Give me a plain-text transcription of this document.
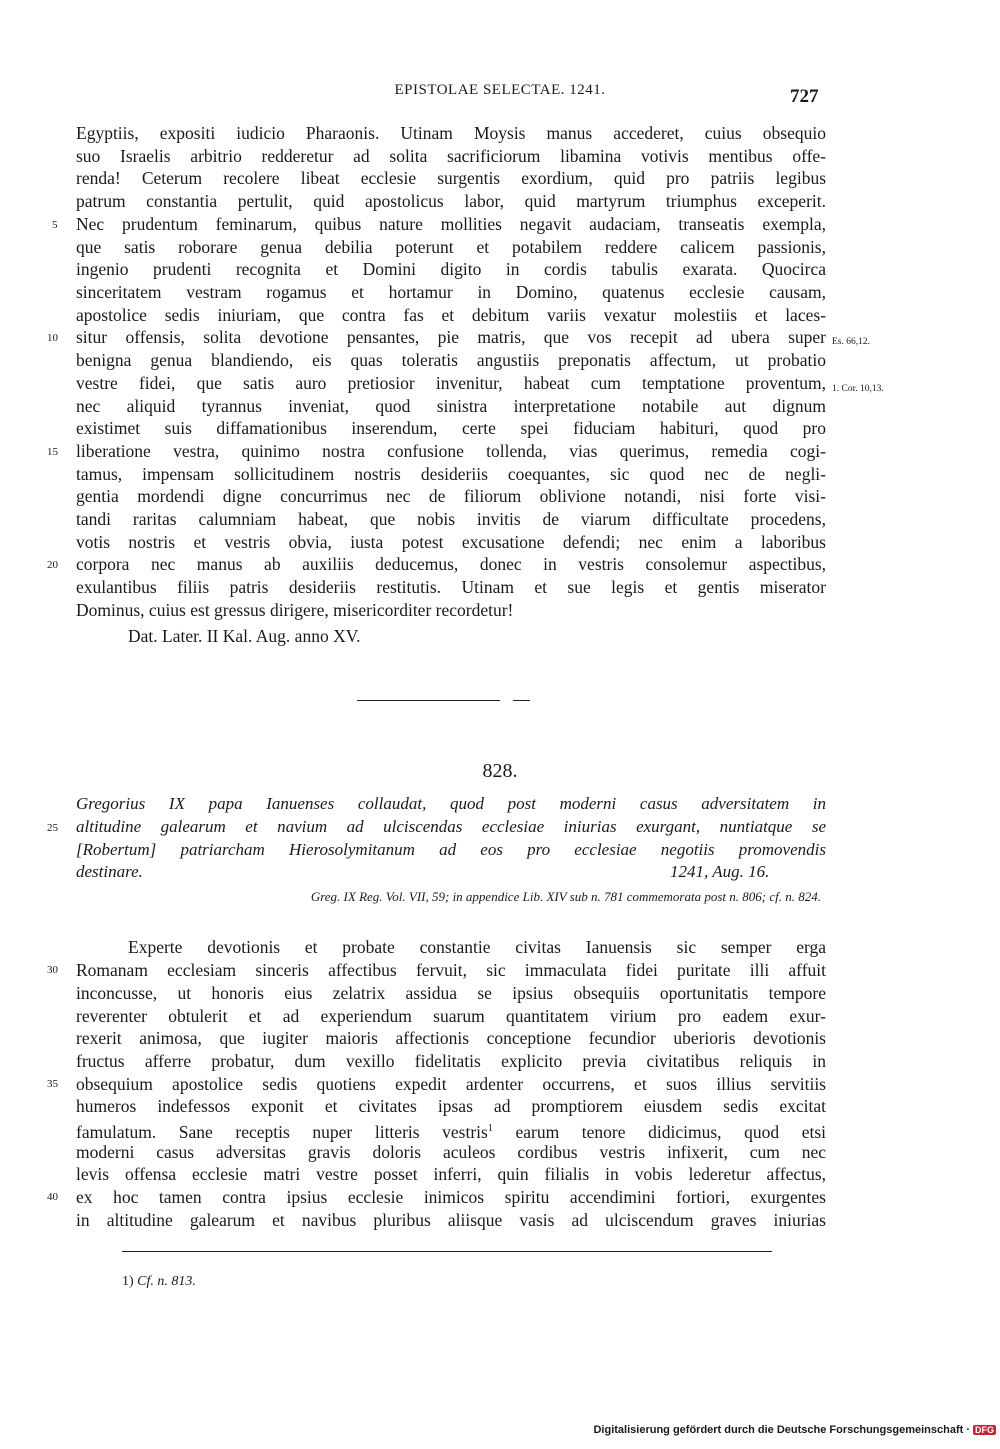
EPISTOLAE SELECTAE. 1241.	727
Egyptiis, expositi iudicio Pharaonis. Utinam Moysis manus accederet, cuius obsequio
suo Israelis arbitrio redderetur ad solita sacrificiorum libamina votivis mentibus offe-
renda! Ceterum recolere libeat ecclesie surgentis exordium, quid pro patriis legibus
patrum constantia pertulit, quid apostolicus labor, quid martyrum triumphus exceperit.
Nec prudentum feminarum, quibus nature mollities negavit audaciam, transeatis exempla,
que satis roborare genua debilia poterunt et potabilem reddere calicem passionis,
ingenio prudenti recognita et Domini digito in cordis tabulis exarata. Quocirca
sinceritatem vestram rogamus et hortamur in Domino, quatenus ecclesie causam,
apostolice sedis iniuriam, que contra fas et debitum variis vexatur molestiis et laces-
situr offensis, solita devotione pensantes, pie matris, que vos recepit ad ubera super
benigna genua blandiendo, eis quas toleratis angustiis preponatis affectum, ut probatio
vestre fidei, que satis auro pretiosior invenitur, habeat cum temptatione proventum,
nec aliquid tyrannus inveniat, quod sinistra interpretatione notabile aut dignum
existimet suis diffamationibus inserendum, certe spei fiduciam habituri, quod pro
liberatione vestra, quinimo nostra confusione tollenda, vias querimus, remedia cogi-
tamus, impensam sollicitudinem nostris desideriis coequantes, sic quod nec de negli-
gentia mordendi digne concurrimus nec de filiorum oblivione notandi, nisi forte visi-
tandi raritas calumniam habeat, que nobis invitis de viarum difficultate procedens,
votis nostris et vestris obvia, iusta potest excusatione defendi; nec enim a laboribus
corpora nec manus ab auxiliis deducemus, donec in vestris consolemur aspectibus,
exulantibus filiis patris desideriis restitutis. Utinam et sue legis et gentis miserator
Dominus, cuius est gressus dirigere, misericorditer recordetur!
Dat. Later. II Kal. Aug. anno XV.
5
10
15
20
25
30
35
40
Es. 66,12.
1. Cor. 10,13.
828.
Gregorius IX papa Ianuenses collaudat, quod post moderni casus adversitatem in
altitudine galearum et navium ad ulciscendas ecclesiae iniurias exurgant, nuntiatque se
[Robertum] patriarcham Hierosolymitanum ad eos pro ecclesiae negotiis promovendis
destinare.	1241, Aug. 16.
Greg. IX Reg. Vol. VII, 59; in appendice Lib. XIV sub n. 781 commemorata post n. 806; cf. n. 824.
Experte devotionis et probate constantie civitas Ianuensis sic semper erga
Romanam ecclesiam sinceris affectibus fervuit, sic immaculata fidei puritate illi affuit
inconcusse, ut honoris eius zelatrix assidua se ipsius obsequiis oportunitatis tempore
reverenter obtulerit et ad experiendum suarum quantitatem virium pro eadem exur-
rexerit animosa, que iugiter maioris affectionis conceptione fecundior uberioris devotionis
fructus afferre probatur, dum vexillo fidelitatis explicito previa civitatibus reliquis in
obsequium apostolice sedis quotiens expedit ardenter occurrens, et suos illius servitiis
humeros indefessos exponit et civitates ipsas ad promptiorem eiusdem sedis excitat
famulatum. Sane receptis nuper litteris vestris$^1$ earum tenore didicimus, quod etsi
moderni casus adversitas gravis doloris aculeos cordibus vestris infixerit, cum nec
levis offensa ecclesie matri vestre posset inferri, quin filialis in vobis lederetur affectus,
ex hoc tamen contra ipsius ecclesie inimicos spiritu accendimini fortiori, exurgentes
in altitudine galearum et navibus pluribus aliisque vasis ad ulciscendum graves iniurias
1) Cf. n. 813.
Digitalisierung gefördert durch die Deutsche Forschungsgemeinschaft · DFG
